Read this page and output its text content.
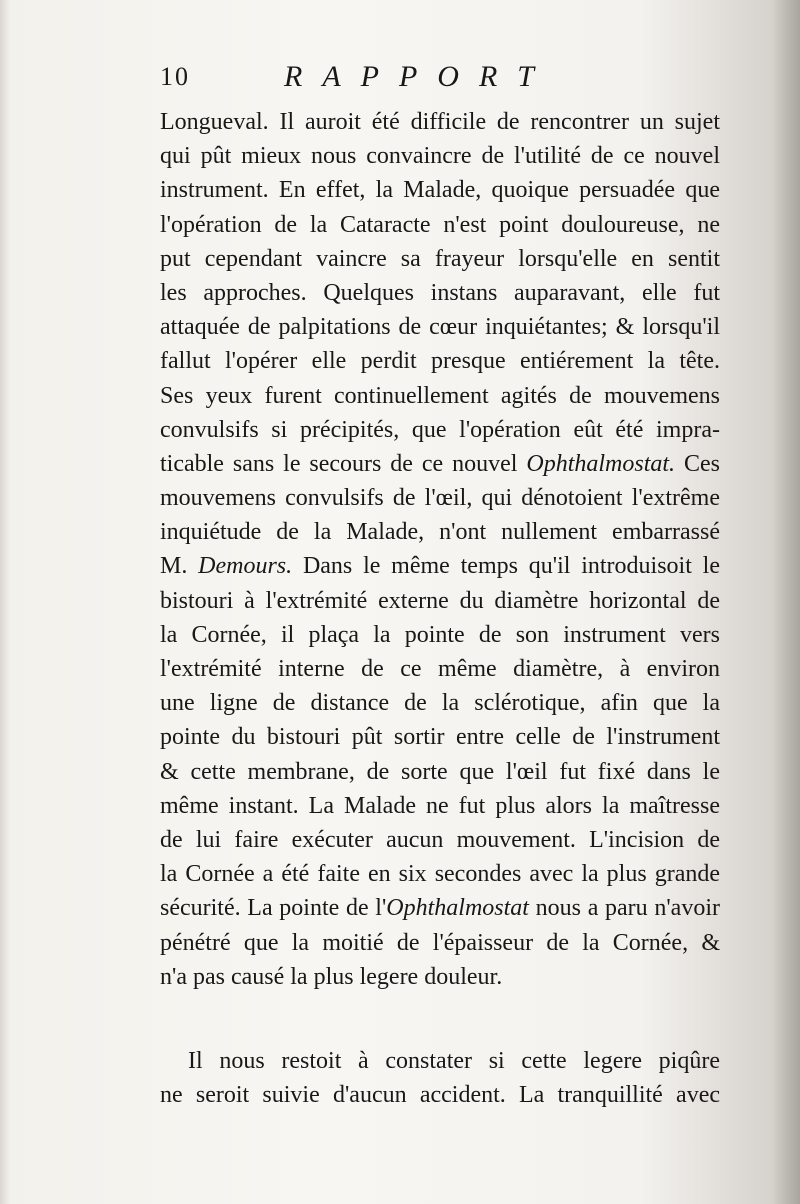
10	RAPPORT
Longueval. Il auroit été difficile de rencontrer un sujet
qui pût mieux nous convaincre de l'utilité de ce nouvel
instrument. En effet, la Malade, quoique persuadée que
l'opération de la Cataracte n'est point douloureuse, ne
put cependant vaincre sa frayeur lorsqu'elle en sentit
les approches. Quelques instans auparavant, elle fut
attaquée de palpitations de cœur inquiétantes; & lorsqu'il
fallut l'opérer elle perdit presque entiérement la tête.
Ses yeux furent continuellement agités de mouvemens
convulsifs si précipités, que l'opération eût été impra-
ticable sans le secours de ce nouvel Ophthalmostat. Ces
mouvemens convulsifs de l'œil, qui dénotoient l'extrême
inquiétude de la Malade, n'ont nullement embarrassé
M. Demours. Dans le même temps qu'il introduisoit le
bistouri à l'extrémité externe du diamètre horizontal de
la Cornée, il plaça la pointe de son instrument vers
l'extrémité interne de ce même diamètre, à environ
une ligne de distance de la sclérotique, afin que la
pointe du bistouri pût sortir entre celle de l'instrument
& cette membrane, de sorte que l'œil fut fixé dans le
même instant. La Malade ne fut plus alors la maîtresse
de lui faire exécuter aucun mouvement. L'incision de
la Cornée a été faite en six secondes avec la plus grande
sécurité. La pointe de l'Ophthalmostat nous a paru n'avoir
pénétré que la moitié de l'épaisseur de la Cornée, &
n'a pas causé la plus legere douleur.
Il nous restoit à constater si cette legere piqûre
ne seroit suivie d'aucun accident. La tranquillité avec
